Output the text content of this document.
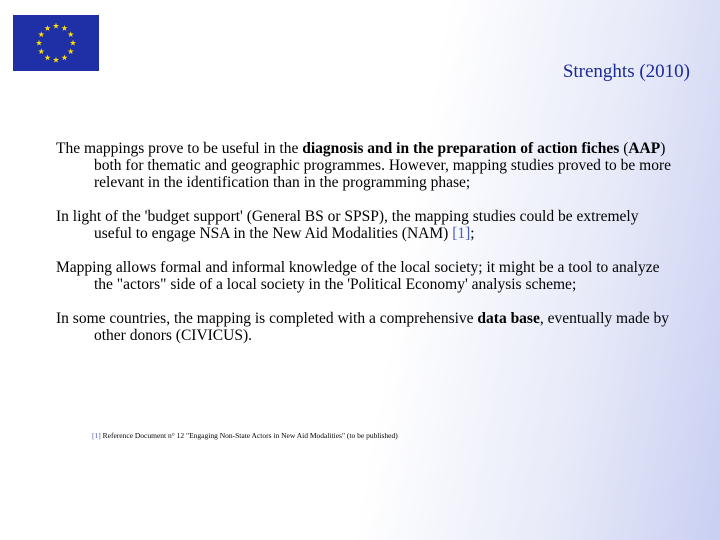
Strenghts (2010)

The mappings prove to be useful in the diagnosis and in the preparation of action fiches (AAP) both for thematic and geographic programmes. However, mapping studies proved to be more relevant in the identification than in the programming phase;

In light of the 'budget support' (General BS or SPSP), the mapping studies could be extremely useful to engage NSA in the New Aid Modalities (NAM) [1];

Mapping allows formal and informal knowledge of the local society; it might be a tool to analyze the "actors" side of a local society in the 'Political Economy' analysis scheme;

In some countries, the mapping is completed with a comprehensive data base, eventually made by other donors (CIVICUS).

[1] Reference Document n° 12 "Engaging Non-State Actors in New Aid Modalities" (to be published)
